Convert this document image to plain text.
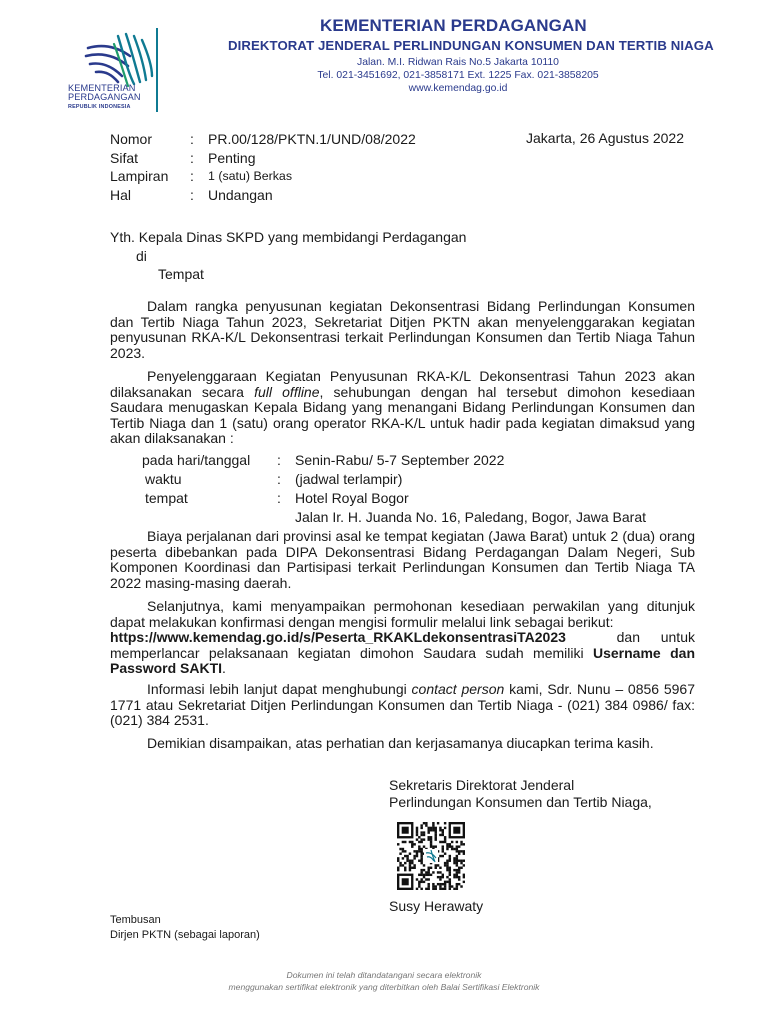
KEMENTERIAN
PERDAGANGAN
REPUBLIK INDONESIA
KEMENTERIAN PERDAGANGAN
DIREKTORAT JENDERAL PERLINDUNGAN KONSUMEN DAN TERTIB NIAGA
Jalan. M.I. Ridwan Rais No.5 Jakarta 10110
Tel. 021-3451692, 021-3858171 Ext. 1225 Fax. 021-3858205
www.kemendag.go.id
Nomor	:	PR.00/128/PKTN.1/UND/08/2022
Sifat	:	Penting
Lampiran	:	1 (satu) Berkas
Hal	:	Undangan
Jakarta, 26 Agustus 2022
Yth. Kepala Dinas SKPD yang membidangi Perdagangan
di
Tempat

Dalam rangka penyusunan kegiatan Dekonsentrasi Bidang Perlindungan Konsumen dan Tertib Niaga Tahun 2023, Sekretariat Ditjen PKTN akan menyelenggarakan kegiatan penyusunan RKA-K/L Dekonsentrasi terkait Perlindungan Konsumen dan Tertib Niaga Tahun 2023.

Penyelenggaraan Kegiatan Penyusunan RKA-K/L Dekonsentrasi Tahun 2023 akan dilaksanakan secara full offline, sehubungan dengan hal tersebut dimohon kesediaan Saudara menugaskan Kepala Bidang yang menangani Bidang Perlindungan Konsumen dan Tertib Niaga dan 1 (satu) orang operator RKA-K/L untuk hadir pada kegiatan dimaksud yang akan dilaksanakan :

pada hari/tanggal	:	Senin-Rabu/ 5-7 September 2022
waktu	:	(jadwal terlampir)
tempat	:	Hotel Royal Bogor
Jalan Ir. H. Juanda No. 16, Paledang, Bogor, Jawa Barat

Biaya perjalanan dari provinsi asal ke tempat kegiatan (Jawa Barat) untuk 2 (dua) orang peserta dibebankan pada DIPA Dekonsentrasi Bidang Perdagangan Dalam Negeri, Sub Komponen Koordinasi dan Partisipasi terkait Perlindungan Konsumen dan Tertib Niaga TA 2022 masing-masing daerah.

Selanjutnya, kami menyampaikan permohonan kesediaan perwakilan yang ditunjuk dapat melakukan konfirmasi dengan mengisi formulir melalui link sebagai berikut:

https://www.kemendag.go.id/s/Peserta_RKAKLdekonsentrasiTA2023	dan untuk

memperlancar pelaksanaan kegiatan dimohon Saudara sudah memiliki Username dan Password SAKTI.

Informasi lebih lanjut dapat menghubungi contact person kami, Sdr. Nunu – 0856 5967 1771 atau Sekretariat Ditjen Perlindungan Konsumen dan Tertib Niaga - (021) 384 0986/ fax: (021) 384 2531.

Demikian disampaikan, atas perhatian dan kerjasamanya diucapkan terima kasih.

Sekretaris Direktorat Jenderal
Perlindungan Konsumen dan Tertib Niaga,
Susy Herawaty
Tembusan
Dirjen PKTN (sebagai laporan)
Dokumen ini telah ditandatangani secara elektronik
menggunakan sertifikat elektronik yang diterbitkan oleh Balai Sertifikasi Elektronik
